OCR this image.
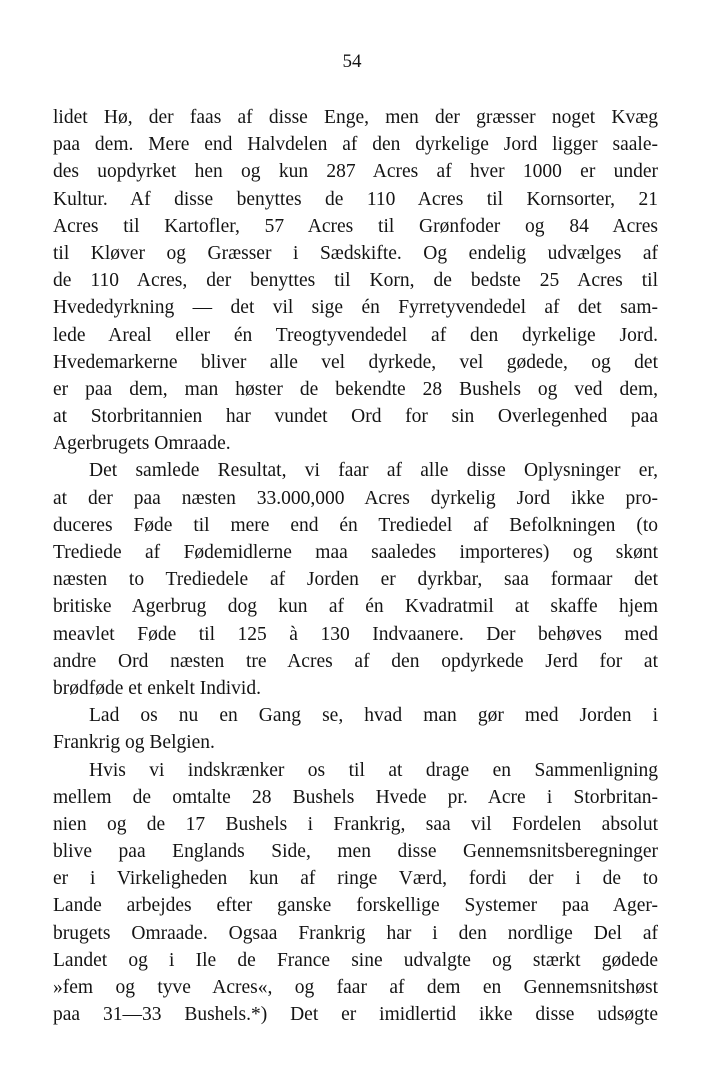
54
lidet Hø, der faas af disse Enge, men der græsser noget Kvæg
paa dem. Mere end Halvdelen af den dyrkelige Jord ligger saale-
des uopdyrket hen og kun 287 Acres af hver 1000 er under
Kultur. Af disse benyttes de 110 Acres til Kornsorter, 21
Acres til Kartofler, 57 Acres til Grønfoder og 84 Acres
til Kløver og Græsser i Sædskifte. Og endelig udvælges af
de 110 Acres, der benyttes til Korn, de bedste 25 Acres til
Hvededyrkning — det vil sige én Fyrretyvendedel af det sam-
lede Areal eller én Treogtyvendedel af den dyrkelige Jord.
Hvedemarkerne bliver alle vel dyrkede, vel gødede, og det
er paa dem, man høster de bekendte 28 Bushels og ved dem,
at Storbritannien har vundet Ord for sin Overlegenhed paa
Agerbrugets Omraade.
Det samlede Resultat, vi faar af alle disse Oplysninger er,
at der paa næsten 33.000,000 Acres dyrkelig Jord ikke pro-
duceres Føde til mere end én Trediedel af Befolkningen (to
Trediede af Fødemidlerne maa saaledes importeres) og skønt
næsten to Trediedele af Jorden er dyrkbar, saa formaar det
britiske Agerbrug dog kun af én Kvadratmil at skaffe hjem
meavlet Føde til 125 à 130 Indvaanere. Der behøves med
andre Ord næsten tre Acres af den opdyrkede Jerd for at
brødføde et enkelt Individ.
Lad os nu en Gang se, hvad man gør med Jorden i
Frankrig og Belgien.
Hvis vi indskrænker os til at drage en Sammenligning
mellem de omtalte 28 Bushels Hvede pr. Acre i Storbritan-
nien og de 17 Bushels i Frankrig, saa vil Fordelen absolut
blive paa Englands Side, men disse Gennemsnitsberegninger
er i Virkeligheden kun af ringe Værd, fordi der i de to
Lande arbejdes efter ganske forskellige Systemer paa Ager-
brugets Omraade. Ogsaa Frankrig har i den nordlige Del af
Landet og i Ile de France sine udvalgte og stærkt gødede
»fem og tyve Acres«, og faar af dem en Gennemsnitshøst
paa 31—33 Bushels.*) Det er imidlertid ikke disse udsøgte
